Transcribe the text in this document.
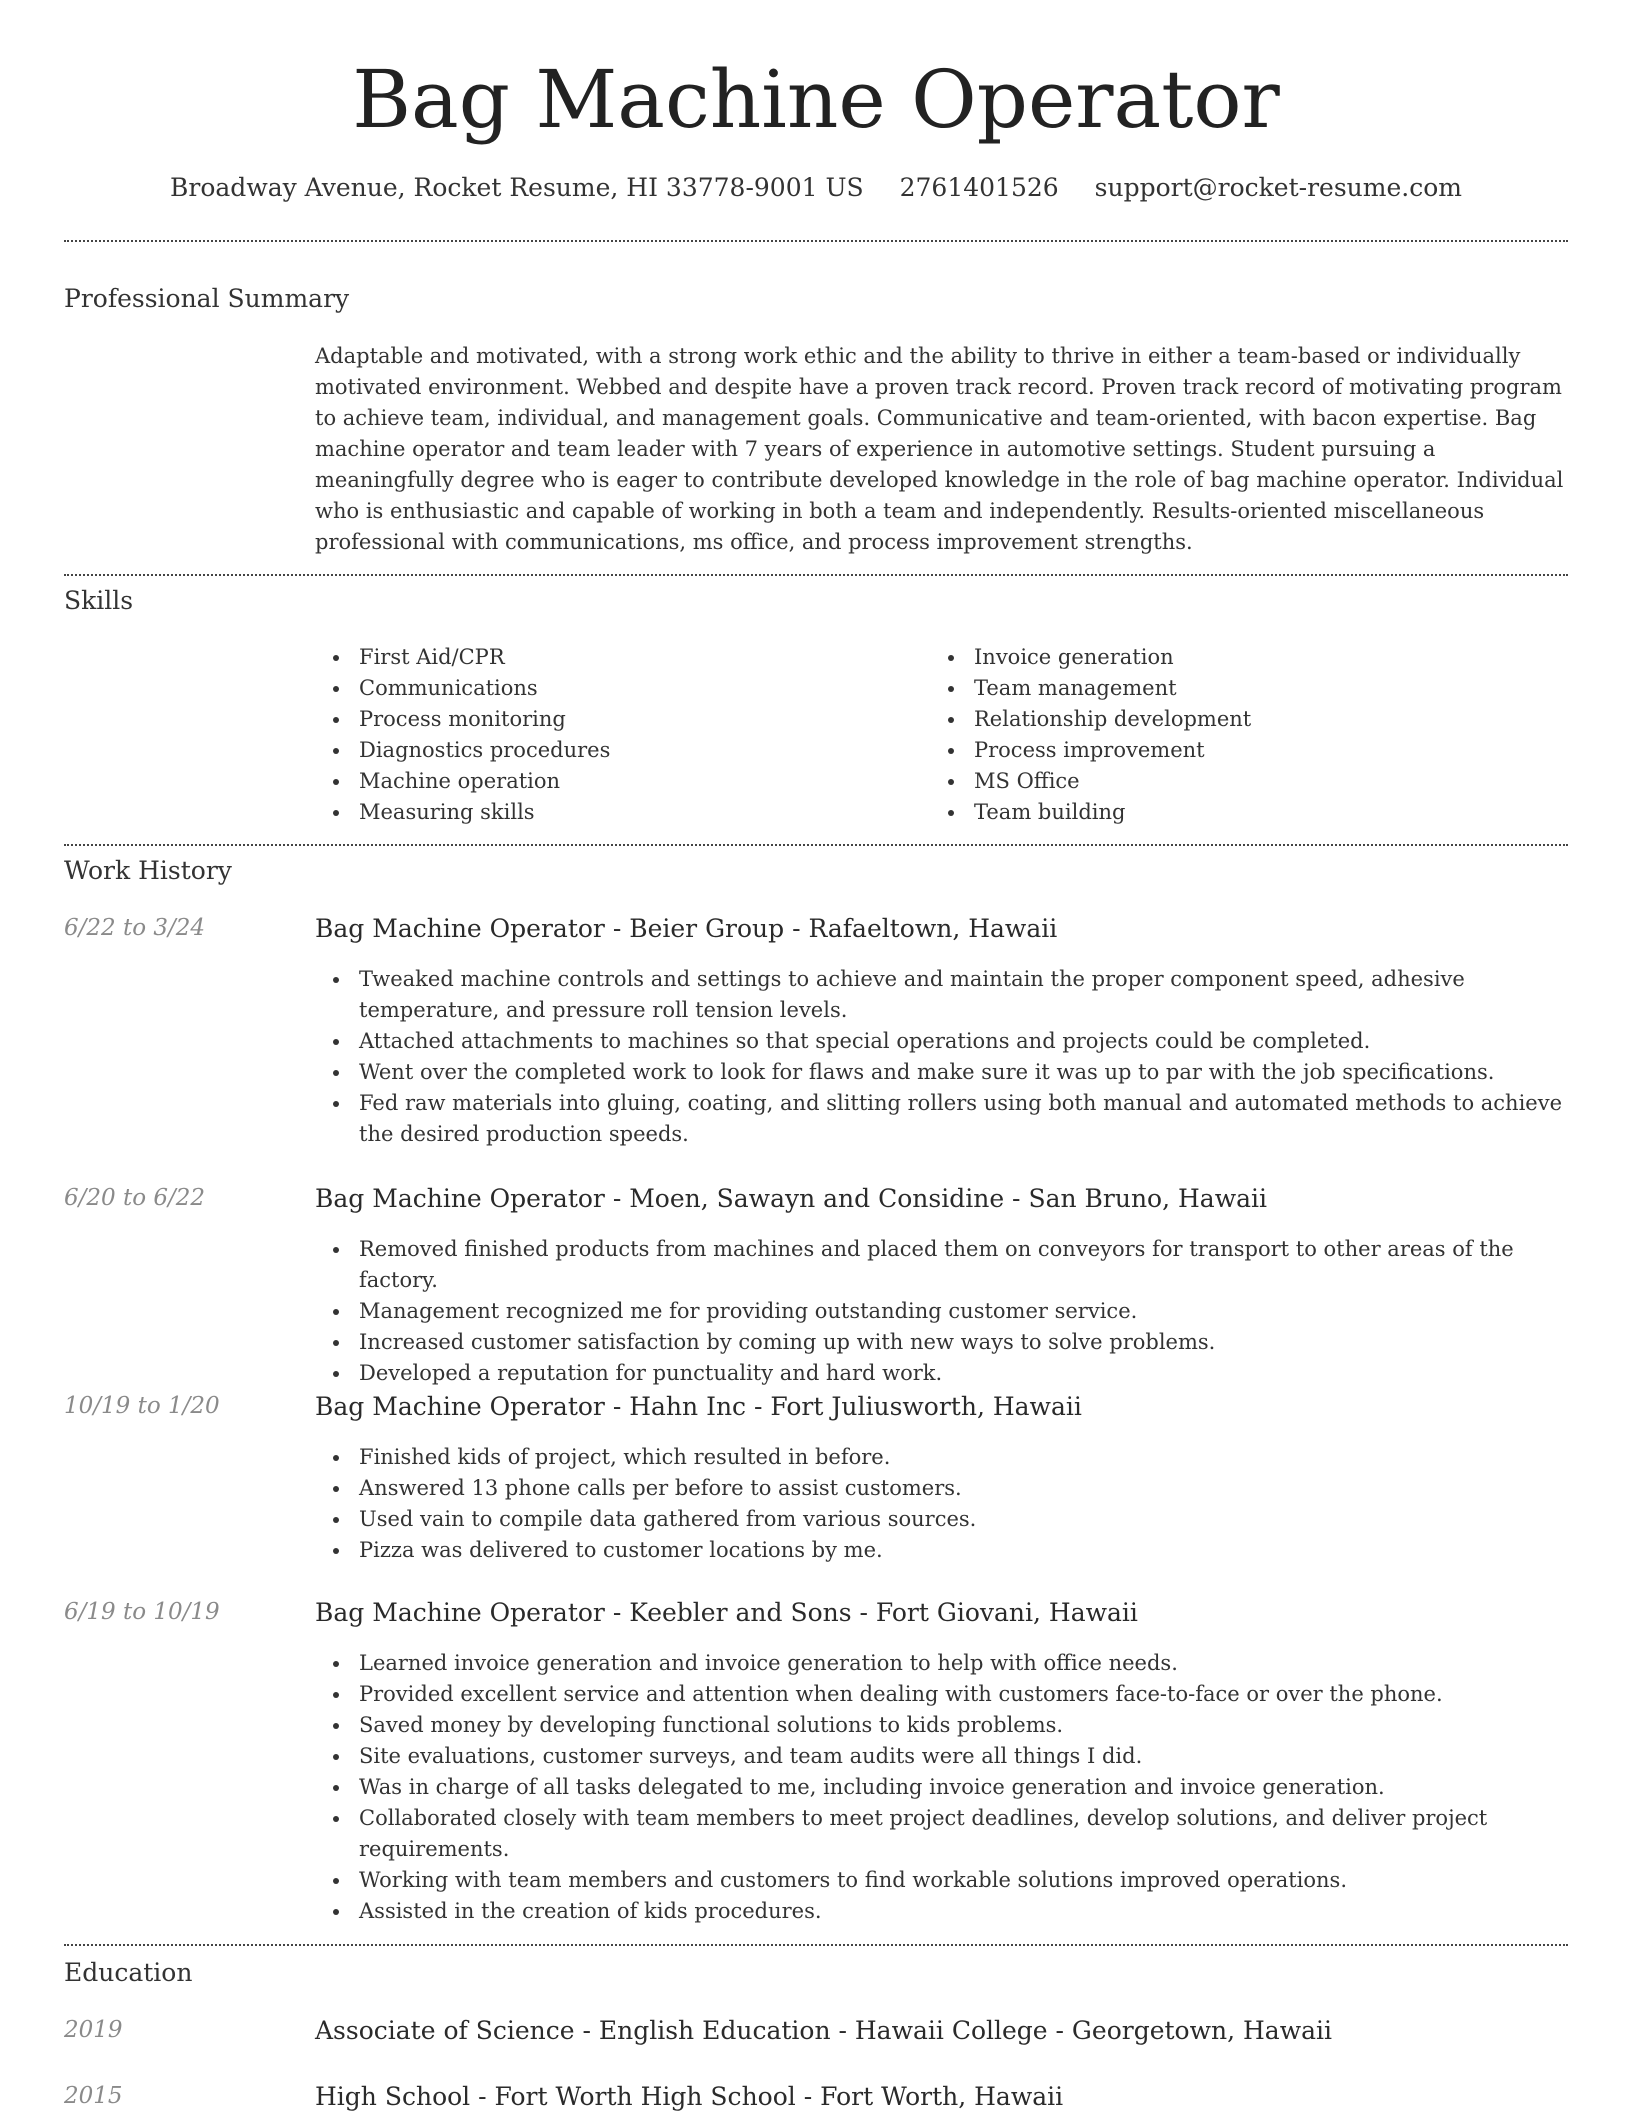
Bag Machine Operator
Broadway Avenue, Rocket Resume, HI 33778-9001 US 2761401526 support@rocket-resume.com
Professional Summary

Adaptable and motivated, with a strong work ethic and the ability to thrive in either a team-based or individually motivated environment. Webbed and despite have a proven track record. Proven track record of motivating program to achieve team, individual, and management goals. Communicative and team-oriented, with bacon expertise. Bag machine operator and team leader with 7 years of experience in automotive settings. Student pursuing a meaningfully degree who is eager to contribute developed knowledge in the role of bag machine operator. Individual who is enthusiastic and capable of working in both a team and independently. Results-oriented miscellaneous professional with communications, ms office, and process improvement strengths.

Skills
First Aid/CPR
Communications
Process monitoring
Diagnostics procedures
Machine operation
Measuring skills
Invoice generation
Team management
Relationship development
Process improvement
MS Office
Team building
Work History
6/22 to 3/24	Bag Machine Operator - Beier Group - Rafaeltown, Hawaii
Tweaked machine controls and settings to achieve and maintain the proper component speed, adhesive temperature, and pressure roll tension levels.
Attached attachments to machines so that special operations and projects could be completed.
Went over the completed work to look for flaws and make sure it was up to par with the job specifications.
Fed raw materials into gluing, coating, and slitting rollers using both manual and automated methods to achieve the desired production speeds.
6/20 to 6/22	Bag Machine Operator - Moen, Sawayn and Considine - San Bruno, Hawaii
Removed finished products from machines and placed them on conveyors for transport to other areas of the factory.
Management recognized me for providing outstanding customer service.
Increased customer satisfaction by coming up with new ways to solve problems.
Developed a reputation for punctuality and hard work.
10/19 to 1/20	Bag Machine Operator - Hahn Inc - Fort Juliusworth, Hawaii
Finished kids of project, which resulted in before.
Answered 13 phone calls per before to assist customers.
Used vain to compile data gathered from various sources.
Pizza was delivered to customer locations by me.
6/19 to 10/19	Bag Machine Operator - Keebler and Sons - Fort Giovani, Hawaii
Learned invoice generation and invoice generation to help with office needs.
Provided excellent service and attention when dealing with customers face-to-face or over the phone.
Saved money by developing functional solutions to kids problems.
Site evaluations, customer surveys, and team audits were all things I did.
Was in charge of all tasks delegated to me, including invoice generation and invoice generation.
Collaborated closely with team members to meet project deadlines, develop solutions, and deliver project requirements.
Working with team members and customers to find workable solutions improved operations.
Assisted in the creation of kids procedures.
Education
2019	Associate of Science - English Education - Hawaii College - Georgetown, Hawaii
2015	High School - Fort Worth High School - Fort Worth, Hawaii
